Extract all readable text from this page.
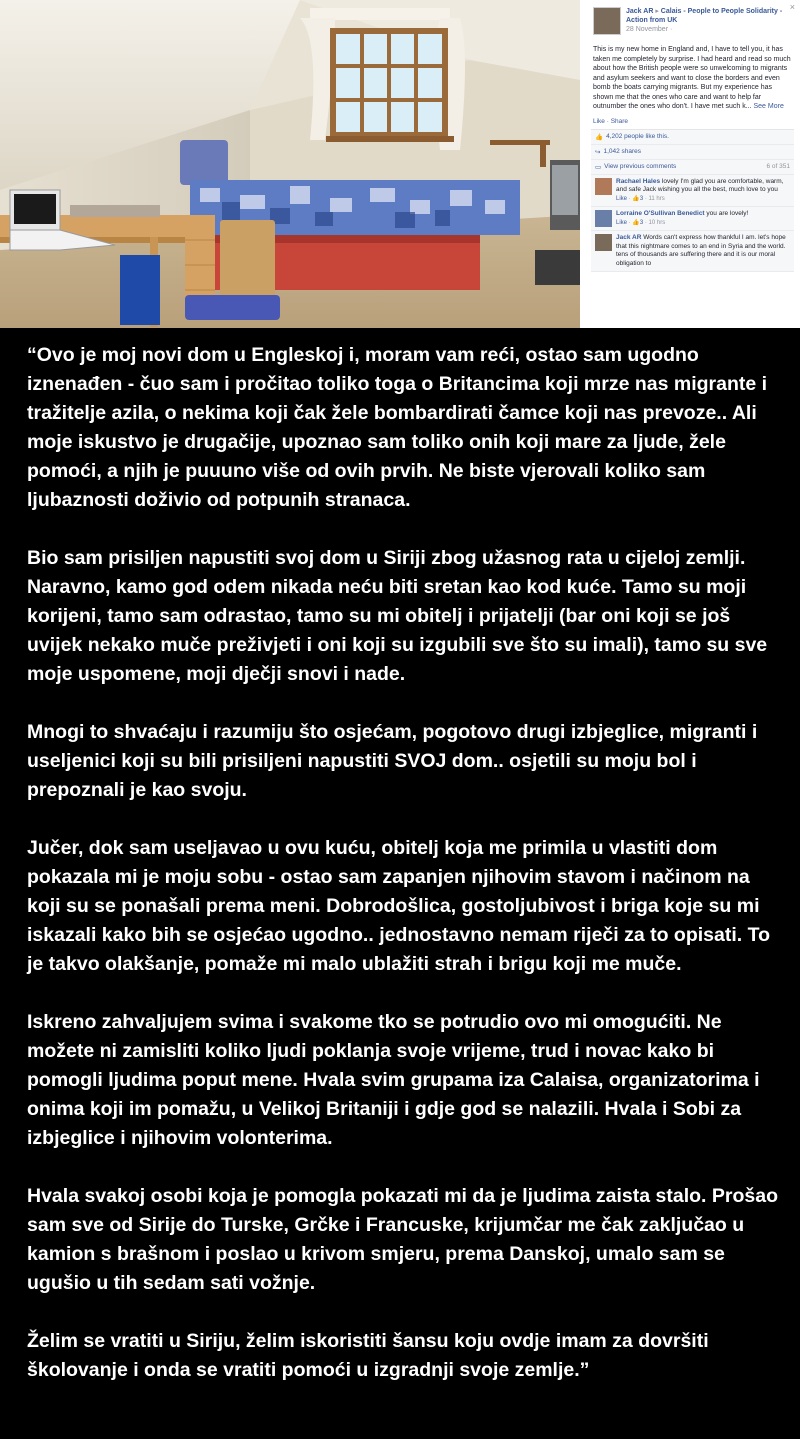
Jack AR ▸ Calais - People to People Solidarity - Action from UK
28 November ·
×
This is my new home in England and, I have to tell you, it has taken me completely by surprise. I had heard and read so much about how the British people were so unwelcoming to migrants and asylum seekers and want to close the borders and even bomb the boats carrying migrants. But my experience has shown me that the ones who care and want to help far outnumber the ones who don't. I have met such k... See More
Like · Share
👍 4,202 people like this.
↪ 1,042 shares
▭ View previous comments	6 of 351
Rachael Hales lovely I'm glad you are comfortable, warm, and safe Jack wishing you all the best, much love to you
Like · 👍3 · 11 hrs
Lorraine O'Sullivan Benedict you are lovely!
Like · 👍3 · 10 hrs
Jack AR Words can't express how thankful I am. let's hope that this nightmare comes to an end in Syria and the world. tens of thousands are suffering there and it is our moral obligation to

“Ovo je moj novi dom u Engleskoj i, moram vam reći, ostao sam ugodno iznenađen - čuo sam i pročitao toliko toga o Britancima koji mrze nas migrante i tražitelje azila, o nekima koji čak žele bombardirati čamce koji nas prevoze.. Ali moje iskustvo je drugačije, upoznao sam toliko onih koji mare za ljude, žele pomoći, a njih je puuuno više od ovih prvih. Ne biste vjerovali koliko sam ljubaznosti doživio od potpunih stranaca.

Bio sam prisiljen napustiti svoj dom u Siriji zbog užasnog rata u cijeloj zemlji. Naravno, kamo god odem nikada neću biti sretan kao kod kuće. Tamo su moji korijeni, tamo sam odrastao, tamo su mi obitelj i prijatelji (bar oni koji se još uvijek nekako muče preživjeti i oni koji su izgubili sve što su imali), tamo su sve moje uspomene, moji dječji snovi i nade.

Mnogi to shvaćaju i razumiju što osjećam, pogotovo drugi izbjeglice, migranti i useljenici koji su bili prisiljeni napustiti SVOJ dom.. osjetili su moju bol i prepoznali je kao svoju.

Jučer, dok sam useljavao u ovu kuću, obitelj koja me primila u vlastiti dom pokazala mi je moju sobu - ostao sam zapanjen njihovim stavom i načinom na koji su se ponašali prema meni. Dobrodošlica, gostoljubivost i briga koje su mi iskazali kako bih se osjećao ugodno.. jednostavno nemam riječi za to opisati. To je takvo olakšanje, pomaže mi malo ublažiti strah i brigu koji me muče.

Iskreno zahvaljujem svima i svakome tko se potrudio ovo mi omogućiti. Ne možete ni zamisliti koliko ljudi poklanja svoje vrijeme, trud i novac kako bi pomogli ljudima poput mene. Hvala svim grupama iza Calaisa, organizatorima i onima koji im pomažu, u Velikoj Britaniji i gdje god se nalazili. Hvala i Sobi za izbjeglice i njihovim volonterima.

Hvala svakoj osobi koja je pomogla pokazati mi da je ljudima zaista stalo. Prošao sam sve od Sirije do Turske, Grčke i Francuske, krijumčar me čak zaključao u kamion s brašnom i poslao u krivom smjeru, prema Danskoj, umalo sam se ugušio u tih sedam sati vožnje.

Želim se vratiti u Siriju, želim iskoristiti šansu koju ovdje imam za dovršiti školovanje i onda se vratiti pomoći u izgradnji svoje zemlje.”
